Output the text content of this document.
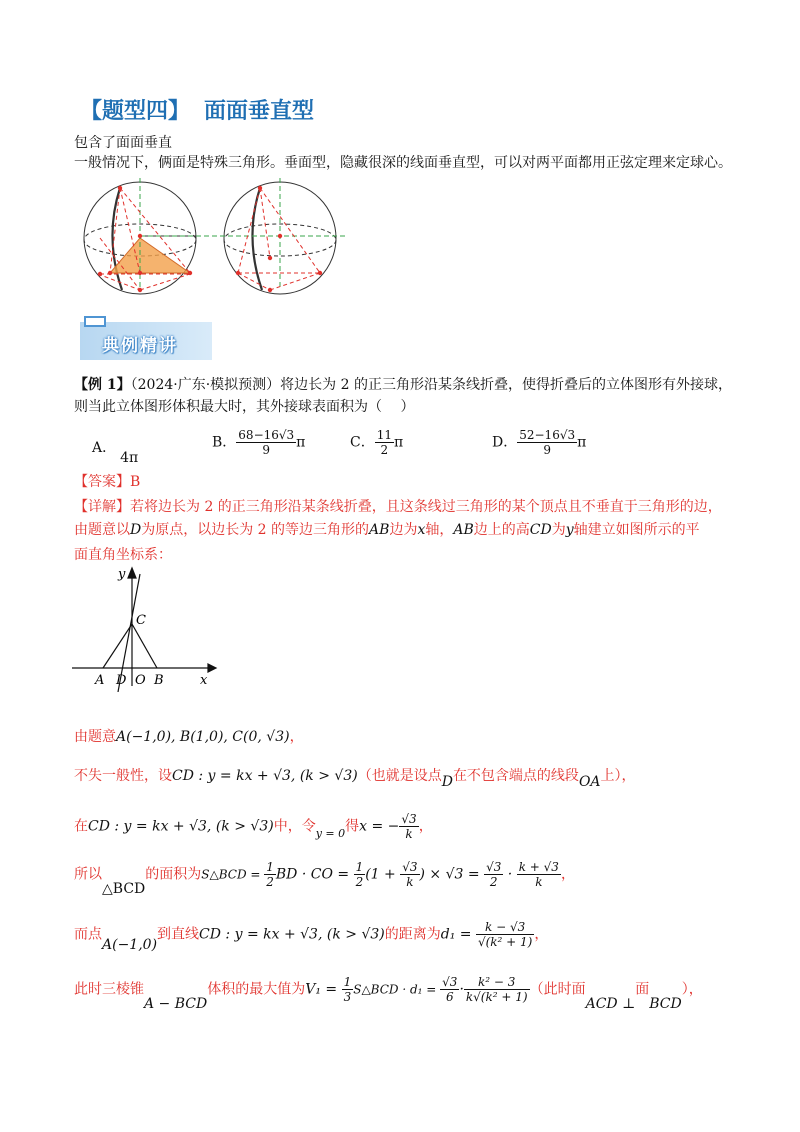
【题型四】 面面垂直型
包含了面面垂直
一般情况下，俩面是特殊三角形。垂面型，隐藏很深的线面垂直型，可以对两平面都用正弦定理来定球心。
典例精讲
【例 1】（2024·广东·模拟预测）将边长为 2 的正三角形沿某条线折叠，使得折叠后的立体图形有外接球，
则当此立体图形体积最大时，其外接球表面积为（　 ）
A．4π
B． $\frac{68-16√3}{9}$ π	C． $\frac{11}{2}$ π	D． $\frac{52-16√3}{9}$ π
【答案】B
【详解】若将边长为 2 的正三角形沿某条线折叠，且这条线过三角形的某个顶点且不垂直于三角形的边，
由题意以D为原点，以边长为 2 的等边三角形的AB边为x轴，AB边上的高CD为y轴建立如图所示的平
面直角坐标系：
y
x
C
A D O B
由题意A(−1,0), B(1,0), C(0, √3)，
不失一般性，设CD : y = kx + √3, (k > √3)（也就是设点D在不包含端点的线段OA上），
在CD : y = kx + √3, (k > √3)中，令$_{y = 0}$得x = − $\frac{√3}{k}$ ，
所以△BCD的面积为S△BCD = $\frac{1}{2}$ BD · CO = $\frac{1}{2} (1 + \frac{√3}{k}$ ) × $√3 = \frac{√3}{2} \cdot \frac{k + √3}{k}$ ，
而点A(−1,0)到直线CD : y = kx + √3, (k > √3)的距离为$d_1 = \frac{k - √3}{\text{√(k² + 1)}}$ ，
此时三棱锥A − BCD体积的最大值为$V_1 = \frac{1}{3}$ S△BCD · $d_1 = \frac{√3}{6} \cdot \frac{\text{k² − 3}}{\text{k√(k² + 1)}}$ （此时面ACD ⊥面BCD），
